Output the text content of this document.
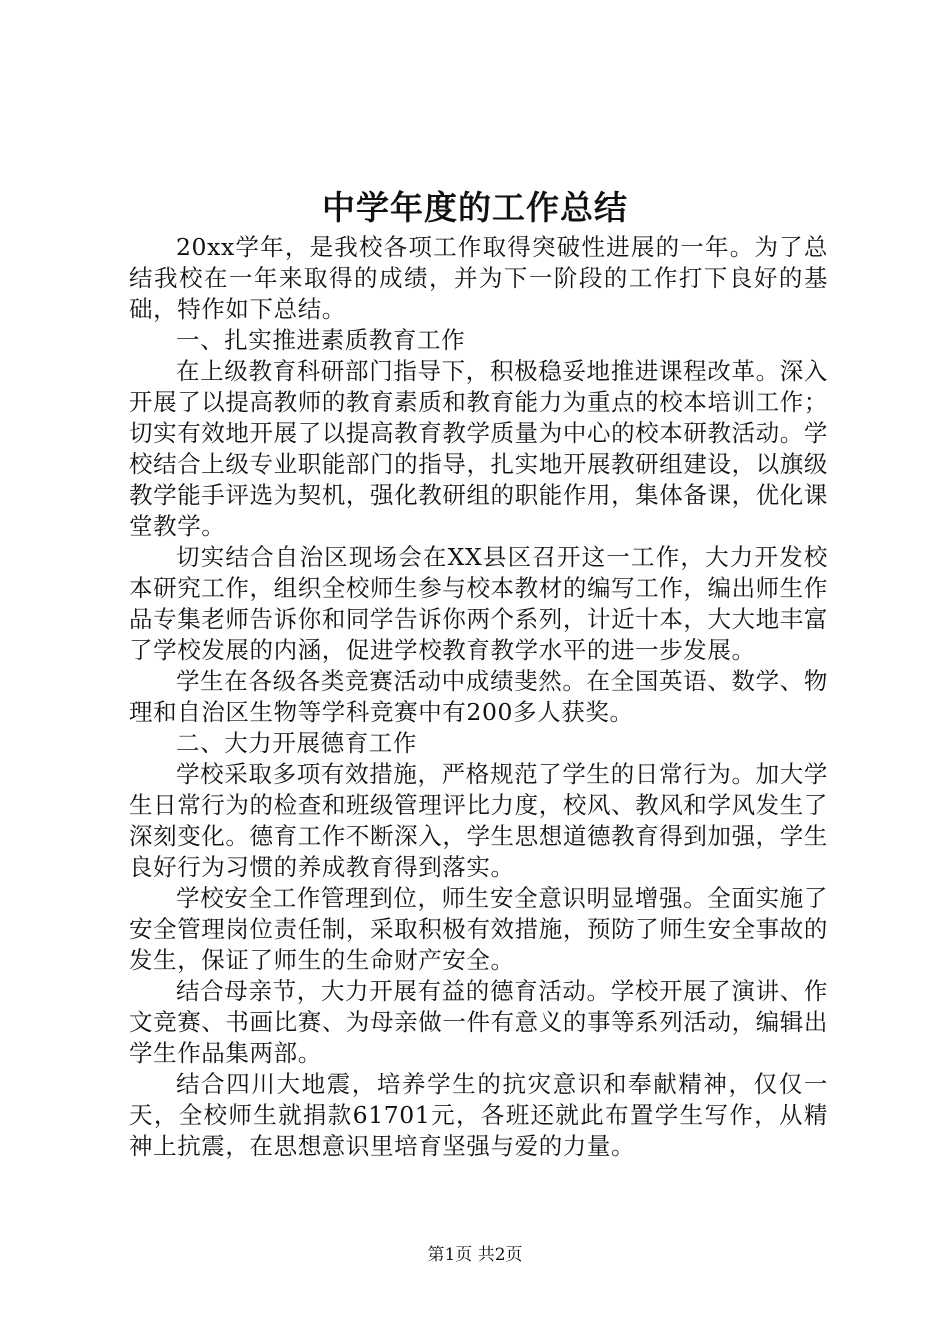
中学年度的工作总结

20xx学年，是我校各项工作取得突破性进展的一年。为了总结我校在一年来取得的成绩，并为下一阶段的工作打下良好的基础，特作如下总结。

一、扎实推进素质教育工作

在上级教育科研部门指导下，积极稳妥地推进课程改革。深入开展了以提高教师的教育素质和教育能力为重点的校本培训工作；切实有效地开展了以提高教育教学质量为中心的校本研教活动。学校结合上级专业职能部门的指导，扎实地开展教研组建设，以旗级教学能手评选为契机，强化教研组的职能作用，集体备课，优化课堂教学。

切实结合自治区现场会在XX县区召开这一工作，大力开发校本研究工作，组织全校师生参与校本教材的编写工作，编出师生作品专集老师告诉你和同学告诉你两个系列，计近十本，大大地丰富了学校发展的内涵，促进学校教育教学水平的进一步发展。

学生在各级各类竞赛活动中成绩斐然。在全国英语、数学、物理和自治区生物等学科竞赛中有200多人获奖。

二、大力开展德育工作

学校采取多项有效措施，严格规范了学生的日常行为。加大学生日常行为的检查和班级管理评比力度，校风、教风和学风发生了深刻变化。德育工作不断深入，学生思想道德教育得到加强，学生良好行为习惯的养成教育得到落实。

学校安全工作管理到位，师生安全意识明显增强。全面实施了安全管理岗位责任制，采取积极有效措施，预防了师生安全事故的发生，保证了师生的生命财产安全。

结合母亲节，大力开展有益的德育活动。学校开展了演讲、作文竞赛、书画比赛、为母亲做一件有意义的事等系列活动，编辑出学生作品集两部。

结合四川大地震，培养学生的抗灾意识和奉献精神，仅仅一天，全校师生就捐款61701元，各班还就此布置学生写作，从精神上抗震，在思想意识里培育坚强与爱的力量。

第1页 共2页
